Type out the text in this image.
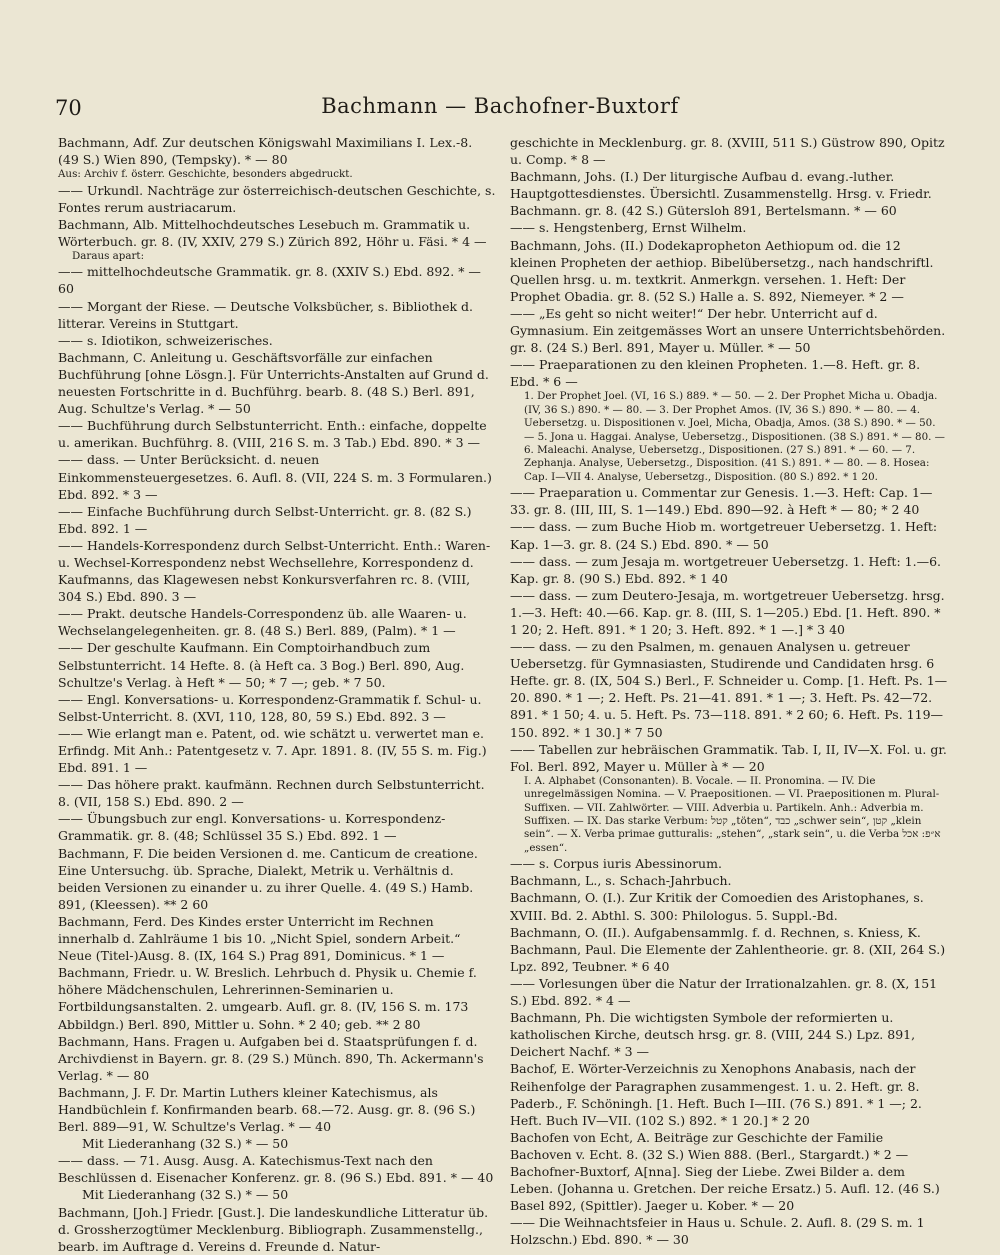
70	Bachmann — Bachofner-Buxtorf

Bachmann, Adf. Zur deutschen Königswahl Maximilians I. Lex.-8. (49 S.) Wien 890, (Tempsky). * — 80

Aus: Archiv f. österr. Geschichte, besonders abgedruckt.

—— Urkundl. Nachträge zur österreichisch-deutschen Geschichte, s. Fontes rerum austriacarum.

Bachmann, Alb. Mittelhochdeutsches Lesebuch m. Grammatik u. Wörterbuch. gr. 8. (IV, XXIV, 279 S.) Zürich 892, Höhr u. Fäsi. * 4 —

Daraus apart:

—— mittelhochdeutsche Grammatik. gr. 8. (XXIV S.) Ebd. 892. * — 60

—— Morgant der Riese. — Deutsche Volksbücher, s. Bibliothek d. litterar. Vereins in Stuttgart.

—— s. Idiotikon, schweizerisches.

Bachmann, C. Anleitung u. Geschäftsvorfälle zur einfachen Buchführung [ohne Lösgn.]. Für Unterrichts-Anstalten auf Grund d. neuesten Fortschritte in d. Buchführg. bearb. 8. (48 S.) Berl. 891, Aug. Schultze's Verlag. * — 50

—— Buchführung durch Selbstunterricht. Enth.: einfache, doppelte u. amerikan. Buchführg. 8. (VIII, 216 S. m. 3 Tab.) Ebd. 890. * 3 —

—— dass. — Unter Berücksicht. d. neuen Einkommensteuergesetzes. 6. Aufl. 8. (VII, 224 S. m. 3 Formularen.) Ebd. 892. * 3 —

—— Einfache Buchführung durch Selbst-Unterricht. gr. 8. (82 S.) Ebd. 892. 1 —

—— Handels-Korrespondenz durch Selbst-Unterricht. Enth.: Waren- u. Wechsel-Korrespondenz nebst Wechsellehre, Korrespondenz d. Kaufmanns, das Klagewesen nebst Konkursverfahren rc. 8. (VIII, 304 S.) Ebd. 890. 3 —

—— Prakt. deutsche Handels-Correspondenz üb. alle Waaren- u. Wechselangelegenheiten. gr. 8. (48 S.) Berl. 889, (Palm). * 1 —

—— Der geschulte Kaufmann. Ein Comptoirhandbuch zum Selbstunterricht. 14 Hefte. 8. (à Heft ca. 3 Bog.) Berl. 890, Aug. Schultze's Verlag. à Heft * — 50; * 7 —; geb. * 7 50.

—— Engl. Konversations- u. Korrespondenz-Grammatik f. Schul- u. Selbst-Unterricht. 8. (XVI, 110, 128, 80, 59 S.) Ebd. 892. 3 —

—— Wie erlangt man e. Patent, od. wie schätzt u. verwertet man e. Erfindg. Mit Anh.: Patentgesetz v. 7. Apr. 1891. 8. (IV, 55 S. m. Fig.) Ebd. 891. 1 —

—— Das höhere prakt. kaufmänn. Rechnen durch Selbstunterricht. 8. (VII, 158 S.) Ebd. 890. 2 —

—— Übungsbuch zur engl. Konversations- u. Korrespondenz-Grammatik. gr. 8. (48; Schlüssel 35 S.) Ebd. 892. 1 —

Bachmann, F. Die beiden Versionen d. me. Canticum de creatione. Eine Untersuchg. üb. Sprache, Dialekt, Metrik u. Verhältnis d. beiden Versionen zu einander u. zu ihrer Quelle. 4. (49 S.) Hamb. 891, (Kleessen). ** 2 60

Bachmann, Ferd. Des Kindes erster Unterricht im Rechnen innerhalb d. Zahlräume 1 bis 10. „Nicht Spiel, sondern Arbeit.“ Neue (Titel-)Ausg. 8. (IX, 164 S.) Prag 891, Dominicus. * 1 —

Bachmann, Friedr. u. W. Breslich. Lehrbuch d. Physik u. Chemie f. höhere Mädchenschulen, Lehrerinnen-Seminarien u. Fortbildungsanstalten. 2. umgearb. Aufl. gr. 8. (IV, 156 S. m. 173 Abbildgn.) Berl. 890, Mittler u. Sohn. * 2 40; geb. ** 2 80

Bachmann, Hans. Fragen u. Aufgaben bei d. Staatsprüfungen f. d. Archivdienst in Bayern. gr. 8. (29 S.) Münch. 890, Th. Ackermann's Verlag. * — 80

Bachmann, J. F. Dr. Martin Luthers kleiner Katechismus, als Handbüchlein f. Konfirmanden bearb. 68.—72. Ausg. gr. 8. (96 S.) Berl. 889—91, W. Schultze's Verlag. * — 40

Mit Liederanhang (32 S.) * — 50

—— dass. — 71. Ausg. Ausg. A. Katechismus-Text nach den Beschlüssen d. Eisenacher Konferenz. gr. 8. (96 S.) Ebd. 891. * — 40

Mit Liederanhang (32 S.) * — 50

Bachmann, [Joh.] Friedr. [Gust.]. Die landeskundliche Litteratur üb. d. Grossherzogtümer Mecklenburg. Bibliograph. Zusammenstellg., bearb. im Auftrage d. Vereins d. Freunde d. Natur-

geschichte in Mecklenburg. gr. 8. (XVIII, 511 S.) Güstrow 890, Opitz u. Comp. * 8 —

Bachmann, Johs. (I.) Der liturgische Aufbau d. evang.-luther. Hauptgottesdienstes. Übersichtl. Zusammenstellg. Hrsg. v. Friedr. Bachmann. gr. 8. (42 S.) Gütersloh 891, Bertelsmann. * — 60

—— s. Hengstenberg, Ernst Wilhelm.

Bachmann, Johs. (II.) Dodekapropheton Aethiopum od. die 12 kleinen Propheten der aethiop. Bibelübersetzg., nach handschriftl. Quellen hrsg. u. m. textkrit. Anmerkgn. versehen. 1. Heft: Der Prophet Obadia. gr. 8. (52 S.) Halle a. S. 892, Niemeyer. * 2 —

—— „Es geht so nicht weiter!“ Der hebr. Unterricht auf d. Gymnasium. Ein zeitgemässes Wort an unsere Unterrichtsbehörden. gr. 8. (24 S.) Berl. 891, Mayer u. Müller. * — 50

—— Praeparationen zu den kleinen Propheten. 1.—8. Heft. gr. 8. Ebd. * 6 —

1. Der Prophet Joel. (VI, 16 S.) 889. * — 50. — 2. Der Prophet Micha u. Obadja. (IV, 36 S.) 890. * — 80. — 3. Der Prophet Amos. (IV, 36 S.) 890. * — 80. — 4. Uebersetzg. u. Dispositionen v. Joel, Micha, Obadja, Amos. (38 S.) 890. * — 50. — 5. Jona u. Haggai. Analyse, Uebersetzg., Dispositionen. (38 S.) 891. * — 80. — 6. Maleachi. Analyse, Uebersetzg., Dispositionen. (27 S.) 891. * — 60. — 7. Zephanja. Analyse, Uebersetzg., Disposition. (41 S.) 891. * — 80. — 8. Hosea: Cap. I—VII 4. Analyse, Uebersetzg., Disposition. (80 S.) 892. * 1 20.

—— Praeparation u. Commentar zur Genesis. 1.—3. Heft: Cap. 1—33. gr. 8. (III, III, S. 1—149.) Ebd. 890—92. à Heft * — 80; * 2 40

—— dass. — zum Buche Hiob m. wortgetreuer Uebersetzg. 1. Heft: Kap. 1—3. gr. 8. (24 S.) Ebd. 890. * — 50

—— dass. — zum Jesaja m. wortgetreuer Uebersetzg. 1. Heft: 1.—6. Kap. gr. 8. (90 S.) Ebd. 892. * 1 40

—— dass. — zum Deutero-Jesaja, m. wortgetreuer Uebersetzg. hrsg. 1.—3. Heft: 40.—66. Kap. gr. 8. (III, S. 1—205.) Ebd. [1. Heft. 890. * 1 20; 2. Heft. 891. * 1 20; 3. Heft. 892. * 1 —.] * 3 40

—— dass. — zu den Psalmen, m. genauen Analysen u. getreuer Uebersetzg. für Gymnasiasten, Studirende und Candidaten hrsg. 6 Hefte. gr. 8. (IX, 504 S.) Berl., F. Schneider u. Comp. [1. Heft. Ps. 1—20. 890. * 1 —; 2. Heft. Ps. 21—41. 891. * 1 —; 3. Heft. Ps. 42—72. 891. * 1 50; 4. u. 5. Heft. Ps. 73—118. 891. * 2 60; 6. Heft. Ps. 119—150. 892. * 1 30.] * 7 50

—— Tabellen zur hebräischen Grammatik. Tab. I, II, IV—X. Fol. u. gr. Fol. Berl. 892, Mayer u. Müller à * — 20

I. A. Alphabet (Consonanten). B. Vocale. — II. Pronomina. — IV. Die unregelmässigen Nomina. — V. Praepositionen. — VI. Praepositionen m. Plural-Suffixen. — VII. Zahlwörter. — VIII. Adverbia u. Partikeln. Anh.: Adverbia m. Suffixen. — IX. Das starke Verbum: קטל „töten“, כבד „schwer sein“, קטן „klein sein“. — X. Verba primae gutturalis: „stehen“, „stark sein“, u. die Verba א״פ: אכל „essen“.

—— s. Corpus iuris Abessinorum.

Bachmann, L., s. Schach-Jahrbuch.

Bachmann, O. (I.). Zur Kritik der Comoedien des Aristophanes, s. XVIII. Bd. 2. Abthl. S. 300: Philologus. 5. Suppl.-Bd.

Bachmann, O. (II.). Aufgabensammlg. f. d. Rechnen, s. Kniess, K.

Bachmann, Paul. Die Elemente der Zahlentheorie. gr. 8. (XII, 264 S.) Lpz. 892, Teubner. * 6 40

—— Vorlesungen über die Natur der Irrationalzahlen. gr. 8. (X, 151 S.) Ebd. 892. * 4 —

Bachmann, Ph. Die wichtigsten Symbole der reformierten u. katholischen Kirche, deutsch hrsg. gr. 8. (VIII, 244 S.) Lpz. 891, Deichert Nachf. * 3 —

Bachof, E. Wörter-Verzeichnis zu Xenophons Anabasis, nach der Reihenfolge der Paragraphen zusammengest. 1. u. 2. Heft. gr. 8. Paderb., F. Schöningh. [1. Heft. Buch I—III. (76 S.) 891. * 1 —; 2. Heft. Buch IV—VII. (102 S.) 892. * 1 20.] * 2 20

Bachofen von Echt, A. Beiträge zur Geschichte der Familie Bachoven v. Echt. 8. (32 S.) Wien 888. (Berl., Stargardt.) * 2 —

Bachofner-Buxtorf, A[nna]. Sieg der Liebe. Zwei Bilder a. dem Leben. (Johanna u. Gretchen. Der reiche Ersatz.) 5. Aufl. 12. (46 S.) Basel 892, (Spittler). Jaeger u. Kober. * — 20

—— Die Weihnachtsfeier in Haus u. Schule. 2. Aufl. 8. (29 S. m. 1 Holzschn.) Ebd. 890. * — 30
